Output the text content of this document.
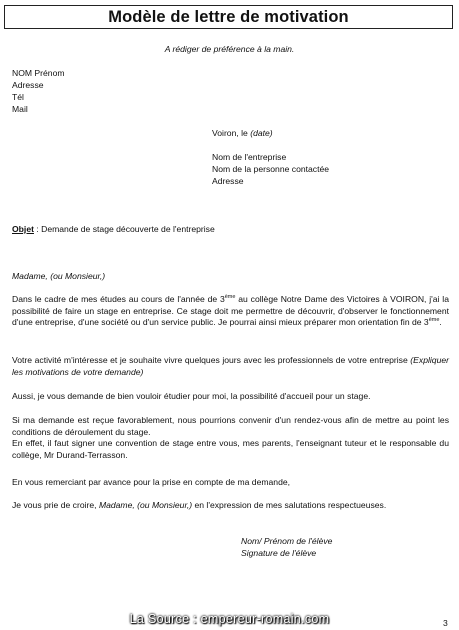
Modèle de lettre de motivation
A rédiger de préférence à la main.
NOM Prénom
Adresse
Tél
Mail
Voiron, le (date)
Nom de l'entreprise
Nom de la personne contactée
Adresse
Objet : Demande de stage découverte de l'entreprise
Madame, (ou Monsieur,)
Dans le cadre de mes études au cours de l'année de 3ème au collège Notre Dame des Victoires à VOIRON, j'ai la possibilité de faire un stage en entreprise. Ce stage doit me permettre de découvrir, d'observer le fonctionnement d'une entreprise, d'une société ou d'un service public. Je pourrai ainsi mieux préparer mon orientation fin de 3ème.
Votre activité m'intéresse et je souhaite vivre quelques jours avec les professionnels de votre entreprise (Expliquer les motivations de votre demande)
Aussi, je vous demande de bien vouloir étudier pour moi, la possibilité d'accueil pour un stage.
Si ma demande est reçue favorablement, nous pourrions convenir d'un rendez-vous afin de mettre au point les conditions de déroulement du stage.
En effet, il faut signer une convention de stage entre vous, mes parents, l'enseignant tuteur et le responsable du collège, Mr Durand-Terrasson.
En vous remerciant par avance pour la prise en compte de ma demande,
Je vous prie de croire, Madame, (ou Monsieur,) en l'expression de mes salutations respectueuses.
Nom/ Prénom de l'élève
Signature de l'élève
La Source : empereur-romain.com	3
